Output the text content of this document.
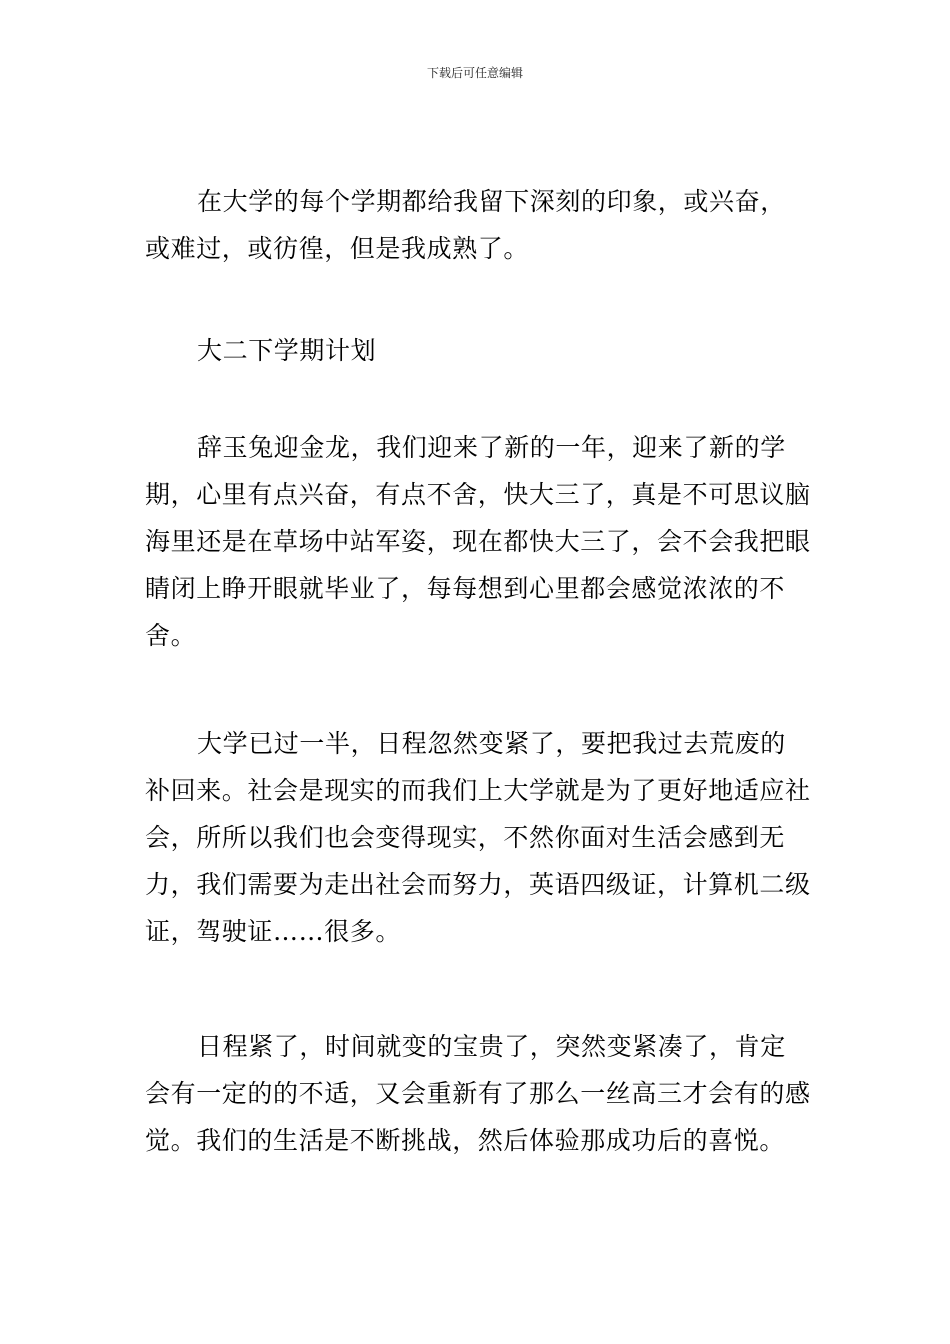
下载后可任意编辑

在大学的每个学期都给我留下深刻的印象，或兴奋，或难过，或彷徨，但是我成熟了。

大二下学期计划

辞玉兔迎金龙，我们迎来了新的一年，迎来了新的学期，心里有点兴奋，有点不舍，快大三了，真是不可思议脑海里还是在草场中站军姿，现在都快大三了，会不会我把眼睛闭上睁开眼就毕业了，每每想到心里都会感觉浓浓的不舍。

大学已过一半，日程忽然变紧了，要把我过去荒废的补回来。社会是现实的而我们上大学就是为了更好地适应社会，所所以我们也会变得现实，不然你面对生活会感到无力，我们需要为走出社会而努力，英语四级证，计算机二级证，驾驶证……很多。

日程紧了，时间就变的宝贵了，突然变紧凑了，肯定会有一定的的不适，又会重新有了那么一丝高三才会有的感觉。我们的生活是不断挑战，然后体验那成功后的喜悦。
